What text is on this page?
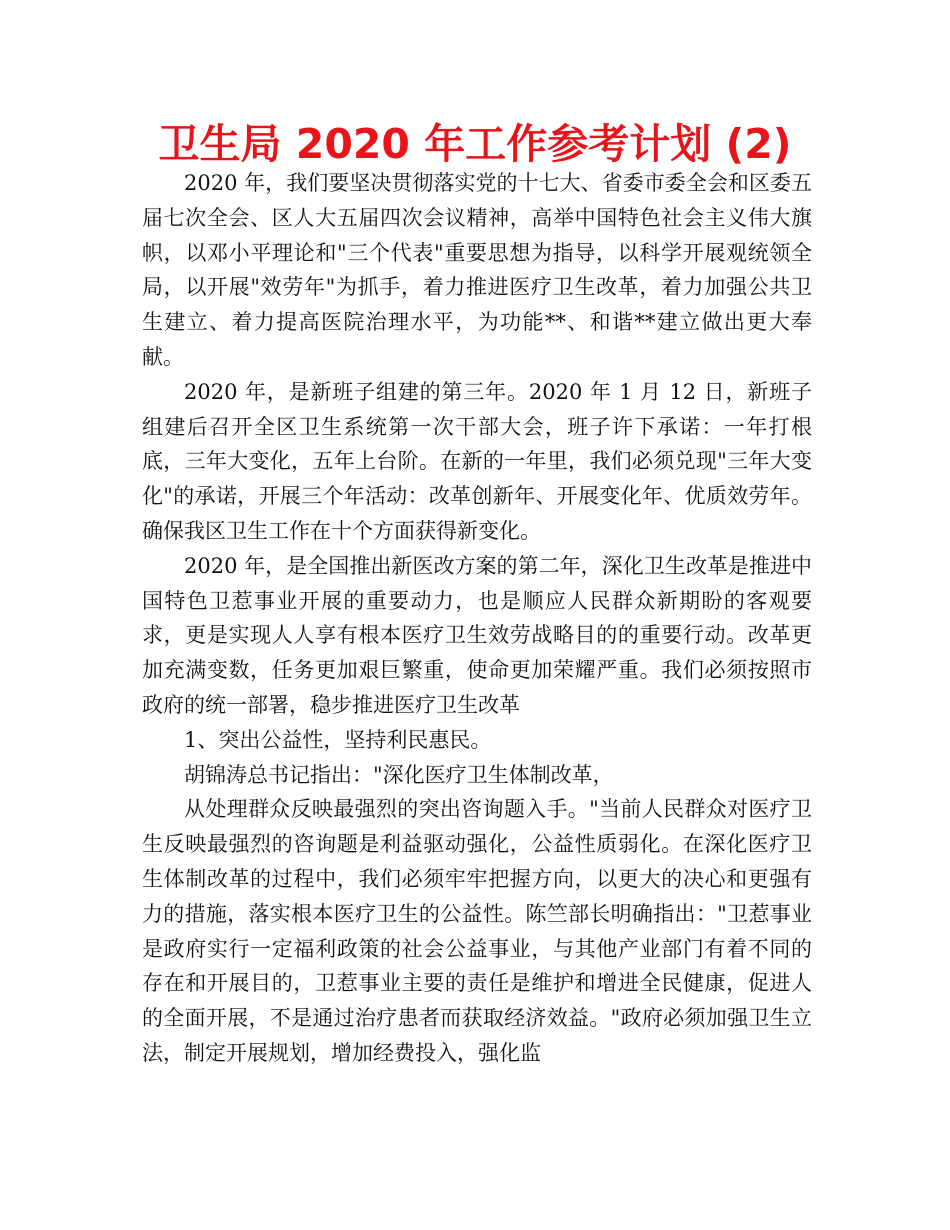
卫生局 2020 年工作参考计划 (2)

2020 年，我们要坚决贯彻落实党的十七大、省委市委全会和区委五届七次全会、区人大五届四次会议精神，高举中国特色社会主义伟大旗帜，以邓小平理论和"三个代表"重要思想为指导，以科学开展观统领全局，以开展"效劳年"为抓手，着力推进医疗卫生改革，着力加强公共卫生建立、着力提高医院治理水平，为功能**、和谐**建立做出更大奉献。

2020 年，是新班子组建的第三年。2020 年 1 月 12 日，新班子组建后召开全区卫生系统第一次干部大会，班子许下承诺：一年打根底，三年大变化，五年上台阶。在新的一年里，我们必须兑现"三年大变化"的承诺，开展三个年活动：改革创新年、开展变化年、优质效劳年。确保我区卫生工作在十个方面获得新变化。

2020 年，是全国推出新医改方案的第二年，深化卫生改革是推进中国特色卫惹事业开展的重要动力，也是顺应人民群众新期盼的客观要求，更是实现人人享有根本医疗卫生效劳战略目的的重要行动。改革更加充满变数，任务更加艰巨繁重，使命更加荣耀严重。我们必须按照市政府的统一部署，稳步推进医疗卫生改革

1、突出公益性，坚持利民惠民。

胡锦涛总书记指出："深化医疗卫生体制改革，

从处理群众反映最强烈的突出咨询题入手。"当前人民群众对医疗卫生反映最强烈的咨询题是利益驱动强化，公益性质弱化。在深化医疗卫生体制改革的过程中，我们必须牢牢把握方向，以更大的决心和更强有力的措施，落实根本医疗卫生的公益性。陈竺部长明确指出："卫惹事业是政府实行一定福利政策的社会公益事业，与其他产业部门有着不同的存在和开展目的，卫惹事业主要的责任是维护和增进全民健康，促进人的全面开展，不是通过治疗患者而获取经济效益。"政府必须加强卫生立法，制定开展规划，增加经费投入，强化监
